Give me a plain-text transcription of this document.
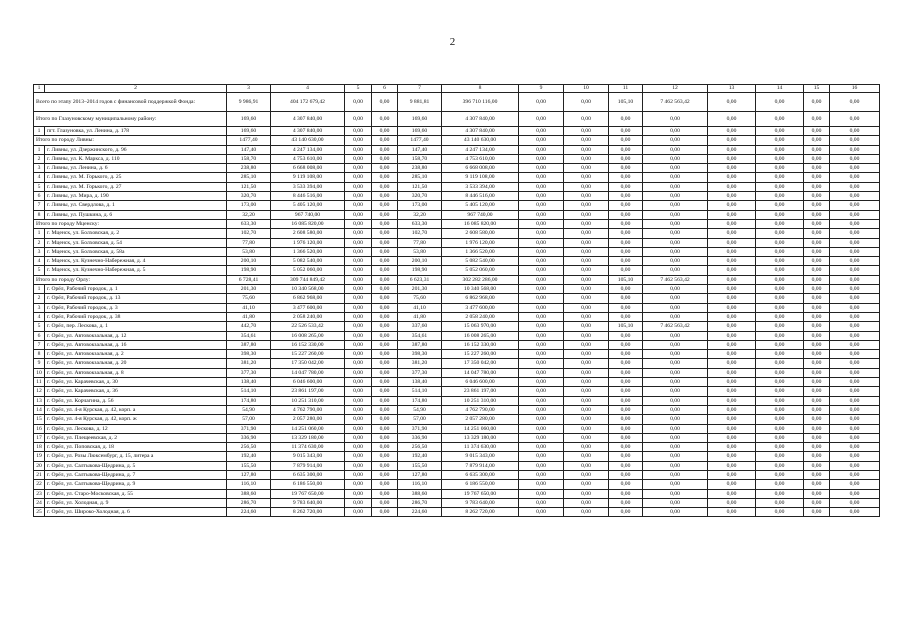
2
1	2	3	4	5	6	7	8	9	10	11	12	13	14	15	16
Всего по этапу 2013–2014 годов с финансовой поддержкой Фонда:		9 986,91	404 172 679,42	0,00	0,00	9 881,81	396 710 116,00	0,00	0,00	105,10	7 462 563,42	0,00	0,00	0,00	0,00
Итого по Глазуновскому муниципальному району:		169,60	4 307 840,00	0,00	0,00	169,60	4 307 840,00	0,00	0,00	0,00	0,00	0,00	0,00	0,00	0,00
1	пгт. Глазуновка, ул. Ленина, д. 178	169,60	4 307 840,00	0,00	0,00	169,60	4 307 840,00	0,00	0,00	0,00	0,00	0,00	0,00	0,00	0,00
Итого по городу Ливны:		1477,40	43 140 630,00	0,00	0,00	1477,40	43 140 630,00	0,00	0,00	0,00	0,00	0,00	0,00	0,00	0,00
1	г. Ливны, ул. Дзержинского, д. 96	147,40	4 247 134,00	0,00	0,00	147,40	4 247 134,00	0,00	0,00	0,00	0,00	0,00	0,00	0,00	0,00
2	г. Ливны, ул. К. Маркса, д. 110	158,70	4 753 610,00	0,00	0,00	158,70	4 753 610,00	0,00	0,00	0,00	0,00	0,00	0,00	0,00	0,00
3	г. Ливны, ул. Ленина, д. 6	238,80	6 668 008,00	0,00	0,00	238,80	6 668 008,00	0,00	0,00	0,00	0,00	0,00	0,00	0,00	0,00
4	г. Ливны, ул. М. Горького, д. 25	285,10	9 119 108,00	0,00	0,00	285,10	9 119 108,00	0,00	0,00	0,00	0,00	0,00	0,00	0,00	0,00
5	г. Ливны, ул. М. Горького, д. 27	121,50	3 533 394,00	0,00	0,00	121,50	3 533 394,00	0,00	0,00	0,00	0,00	0,00	0,00	0,00	0,00
6	г. Ливны, ул. Мира, д. 190	320,70	8 446 516,00	0,00	0,00	320,70	8 446 516,00	0,00	0,00	0,00	0,00	0,00	0,00	0,00	0,00
7	г. Ливны, ул. Свердлова, д. 1	173,00	5 405 120,00	0,00	0,00	173,00	5 405 120,00	0,00	0,00	0,00	0,00	0,00	0,00	0,00	0,00
8	г. Ливны, ул. Пушкина, д. 6	32,20	967 740,00	0,00	0,00	32,20	967 740,00	0,00	0,00	0,00	0,00	0,00	0,00	0,00	0,00
Итого по городу Мценску:		633,30	16 085 820,00	0,00	0,00	633,30	16 085 820,00	0,00	0,00	0,00	0,00	0,00	0,00	0,00	0,00
1	г. Мценск, ул. Болховская, д. 2	102,70	2 608 580,00	0,00	0,00	102,70	2 608 580,00	0,00	0,00	0,00	0,00	0,00	0,00	0,00	0,00
2	г. Мценск, ул. Болховская, д. 54	77,80	1 976 120,00	0,00	0,00	77,80	1 976 120,00	0,00	0,00	0,00	0,00	0,00	0,00	0,00	0,00
3	г. Мценск, ул. Болховская, д. 58а	53,80	1 366 520,00	0,00	0,00	53,80	1 366 520,00	0,00	0,00	0,00	0,00	0,00	0,00	0,00	0,00
4	г. Мценск, ул. Кузнечно-Набережная, д. 4	200,10	5 082 540,00	0,00	0,00	200,10	5 082 540,00	0,00	0,00	0,00	0,00	0,00	0,00	0,00	0,00
5	г. Мценск, ул. Кузнечно-Набережная, д. 5	198,90	5 052 060,00	0,00	0,00	198,90	5 052 060,00	0,00	0,00	0,00	0,00	0,00	0,00	0,00	0,00
Итого по городу Орлу:		6 728,41	309 744 849,42	0,00	0,00	6 623,31	302 282 286,00	0,00	0,00	105,10	7 462 563,42	0,00	0,00	0,00	0,00
1	г. Орёл, Рабочий городок, д. 1	201,30	10 340 568,00	0,00	0,00	201,30	10 340 568,00	0,00	0,00	0,00	0,00	0,00	0,00	0,00	0,00
2	г. Орёл, Рабочий городок, д. 13	75,60	6 862 968,00	0,00	0,00	75,60	6 862 968,00	0,00	0,00	0,00	0,00	0,00	0,00	0,00	0,00
3	г. Орёл, Рабочий городок, д. 3	41,10	3 477 600,00	0,00	0,00	41,10	3 477 600,00	0,00	0,00	0,00	0,00	0,00	0,00	0,00	0,00
4	г. Орёл, Рабочий городок, д. 38	41,80	2 058 240,00	0,00	0,00	41,80	2 058 240,00	0,00	0,00	0,00	0,00	0,00	0,00	0,00	0,00
5	г. Орёл, пер. Лесковa, д. 1	442,70	22 526 533,42	0,00	0,00	337,60	15 063 970,00	0,00	0,00	105,10	7 462 563,42	0,00	0,00	0,00	0,00
6	г. Орёл, ул. Автовокзальная, д. 12	354,61	16 008 265,00	0,00	0,00	354,61	16 008 265,00	0,00	0,00	0,00	0,00	0,00	0,00	0,00	0,00
7	г. Орёл, ул. Автовокзальная, д. 16	387,80	16 152 330,00	0,00	0,00	387,80	16 152 330,00	0,00	0,00	0,00	0,00	0,00	0,00	0,00	0,00
8	г. Орёл, ул. Автовокзальная, д. 2	398,30	15 227 260,00	0,00	0,00	398,30	15 227 260,00	0,00	0,00	0,00	0,00	0,00	0,00	0,00	0,00
9	г. Орёл, ул. Автовокзальная, д. 20	381,20	17 350 042,00	0,00	0,00	381,20	17 350 042,00	0,00	0,00	0,00	0,00	0,00	0,00	0,00	0,00
10	г. Орёл, ул. Автовокзальная, д. 8	377,30	14 047 780,00	0,00	0,00	377,30	14 047 780,00	0,00	0,00	0,00	0,00	0,00	0,00	0,00	0,00
11	г. Орёл, ул. Карачевская, д. 30	138,40	6 046 600,00	0,00	0,00	138,40	6 046 600,00	0,00	0,00	0,00	0,00	0,00	0,00	0,00	0,00
12	г. Орёл, ул. Карачевская, д. 36	514,10	23 861 197,00	0,00	0,00	514,10	23 861 197,00	0,00	0,00	0,00	0,00	0,00	0,00	0,00	0,00
13	г. Орёл, ул. Корчагина, д. 56	174,80	10 251 310,00	0,00	0,00	174,80	10 251 310,00	0,00	0,00	0,00	0,00	0,00	0,00	0,00	0,00
14	г. Орёл, ул. 4-я Курская, д. 42, корп. а	54,90	4 762 790,00	0,00	0,00	54,90	4 762 790,00	0,00	0,00	0,00	0,00	0,00	0,00	0,00	0,00
15	г. Орёл, ул. 4-я Курская, д. 42, корп. ж	57,00	2 057 280,00	0,00	0,00	57,00	2 057 280,00	0,00	0,00	0,00	0,00	0,00	0,00	0,00	0,00
16	г. Орёл, ул. Лескова, д. 12	371,90	14 251 060,00	0,00	0,00	371,90	14 251 060,00	0,00	0,00	0,00	0,00	0,00	0,00	0,00	0,00
17	г. Орёл, ул. Плещеевская, д. 2	336,90	13 329 180,00	0,00	0,00	336,90	13 329 180,00	0,00	0,00	0,00	0,00	0,00	0,00	0,00	0,00
18	г. Орёл, ул. Поповская, д. 18	256,50	11 374 630,00	0,00	0,00	256,50	11 374 630,00	0,00	0,00	0,00	0,00	0,00	0,00	0,00	0,00
19	г. Орёл, ул. Розы Люксембург, д. 15, литера а	192,40	9 015 343,00	0,00	0,00	192,40	9 015 343,00	0,00	0,00	0,00	0,00	0,00	0,00	0,00	0,00
20	г. Орёл, ул. Салтыкова-Щедрина, д. 5	155,50	7 879 914,00	0,00	0,00	155,50	7 879 914,00	0,00	0,00	0,00	0,00	0,00	0,00	0,00	0,00
21	г. Орёл, ул. Салтыкова-Щедрина, д. 7	127,80	6 635 300,00	0,00	0,00	127,80	6 635 300,00	0,00	0,00	0,00	0,00	0,00	0,00	0,00	0,00
22	г. Орёл, ул. Салтыкова-Щедрина, д. 9	116,10	6 186 550,00	0,00	0,00	116,10	6 186 550,00	0,00	0,00	0,00	0,00	0,00	0,00	0,00	0,00
23	г. Орёл, ул. Старо-Московская, д. 55	388,60	19 767 650,00	0,00	0,00	388,60	19 767 650,00	0,00	0,00	0,00	0,00	0,00	0,00	0,00	0,00
24	г. Орёл, ул. Холодная, д. 9	286,70	9 783 640,00	0,00	0,00	286,70	9 783 640,00	0,00	0,00	0,00	0,00	0,00	0,00	0,00	0,00
25	г. Орёл, ул. Широко-Холодная, д. 6	224,60	8 262 720,00	0,00	0,00	224,60	8 262 720,00	0,00	0,00	0,00	0,00	0,00	0,00	0,00	0,00
